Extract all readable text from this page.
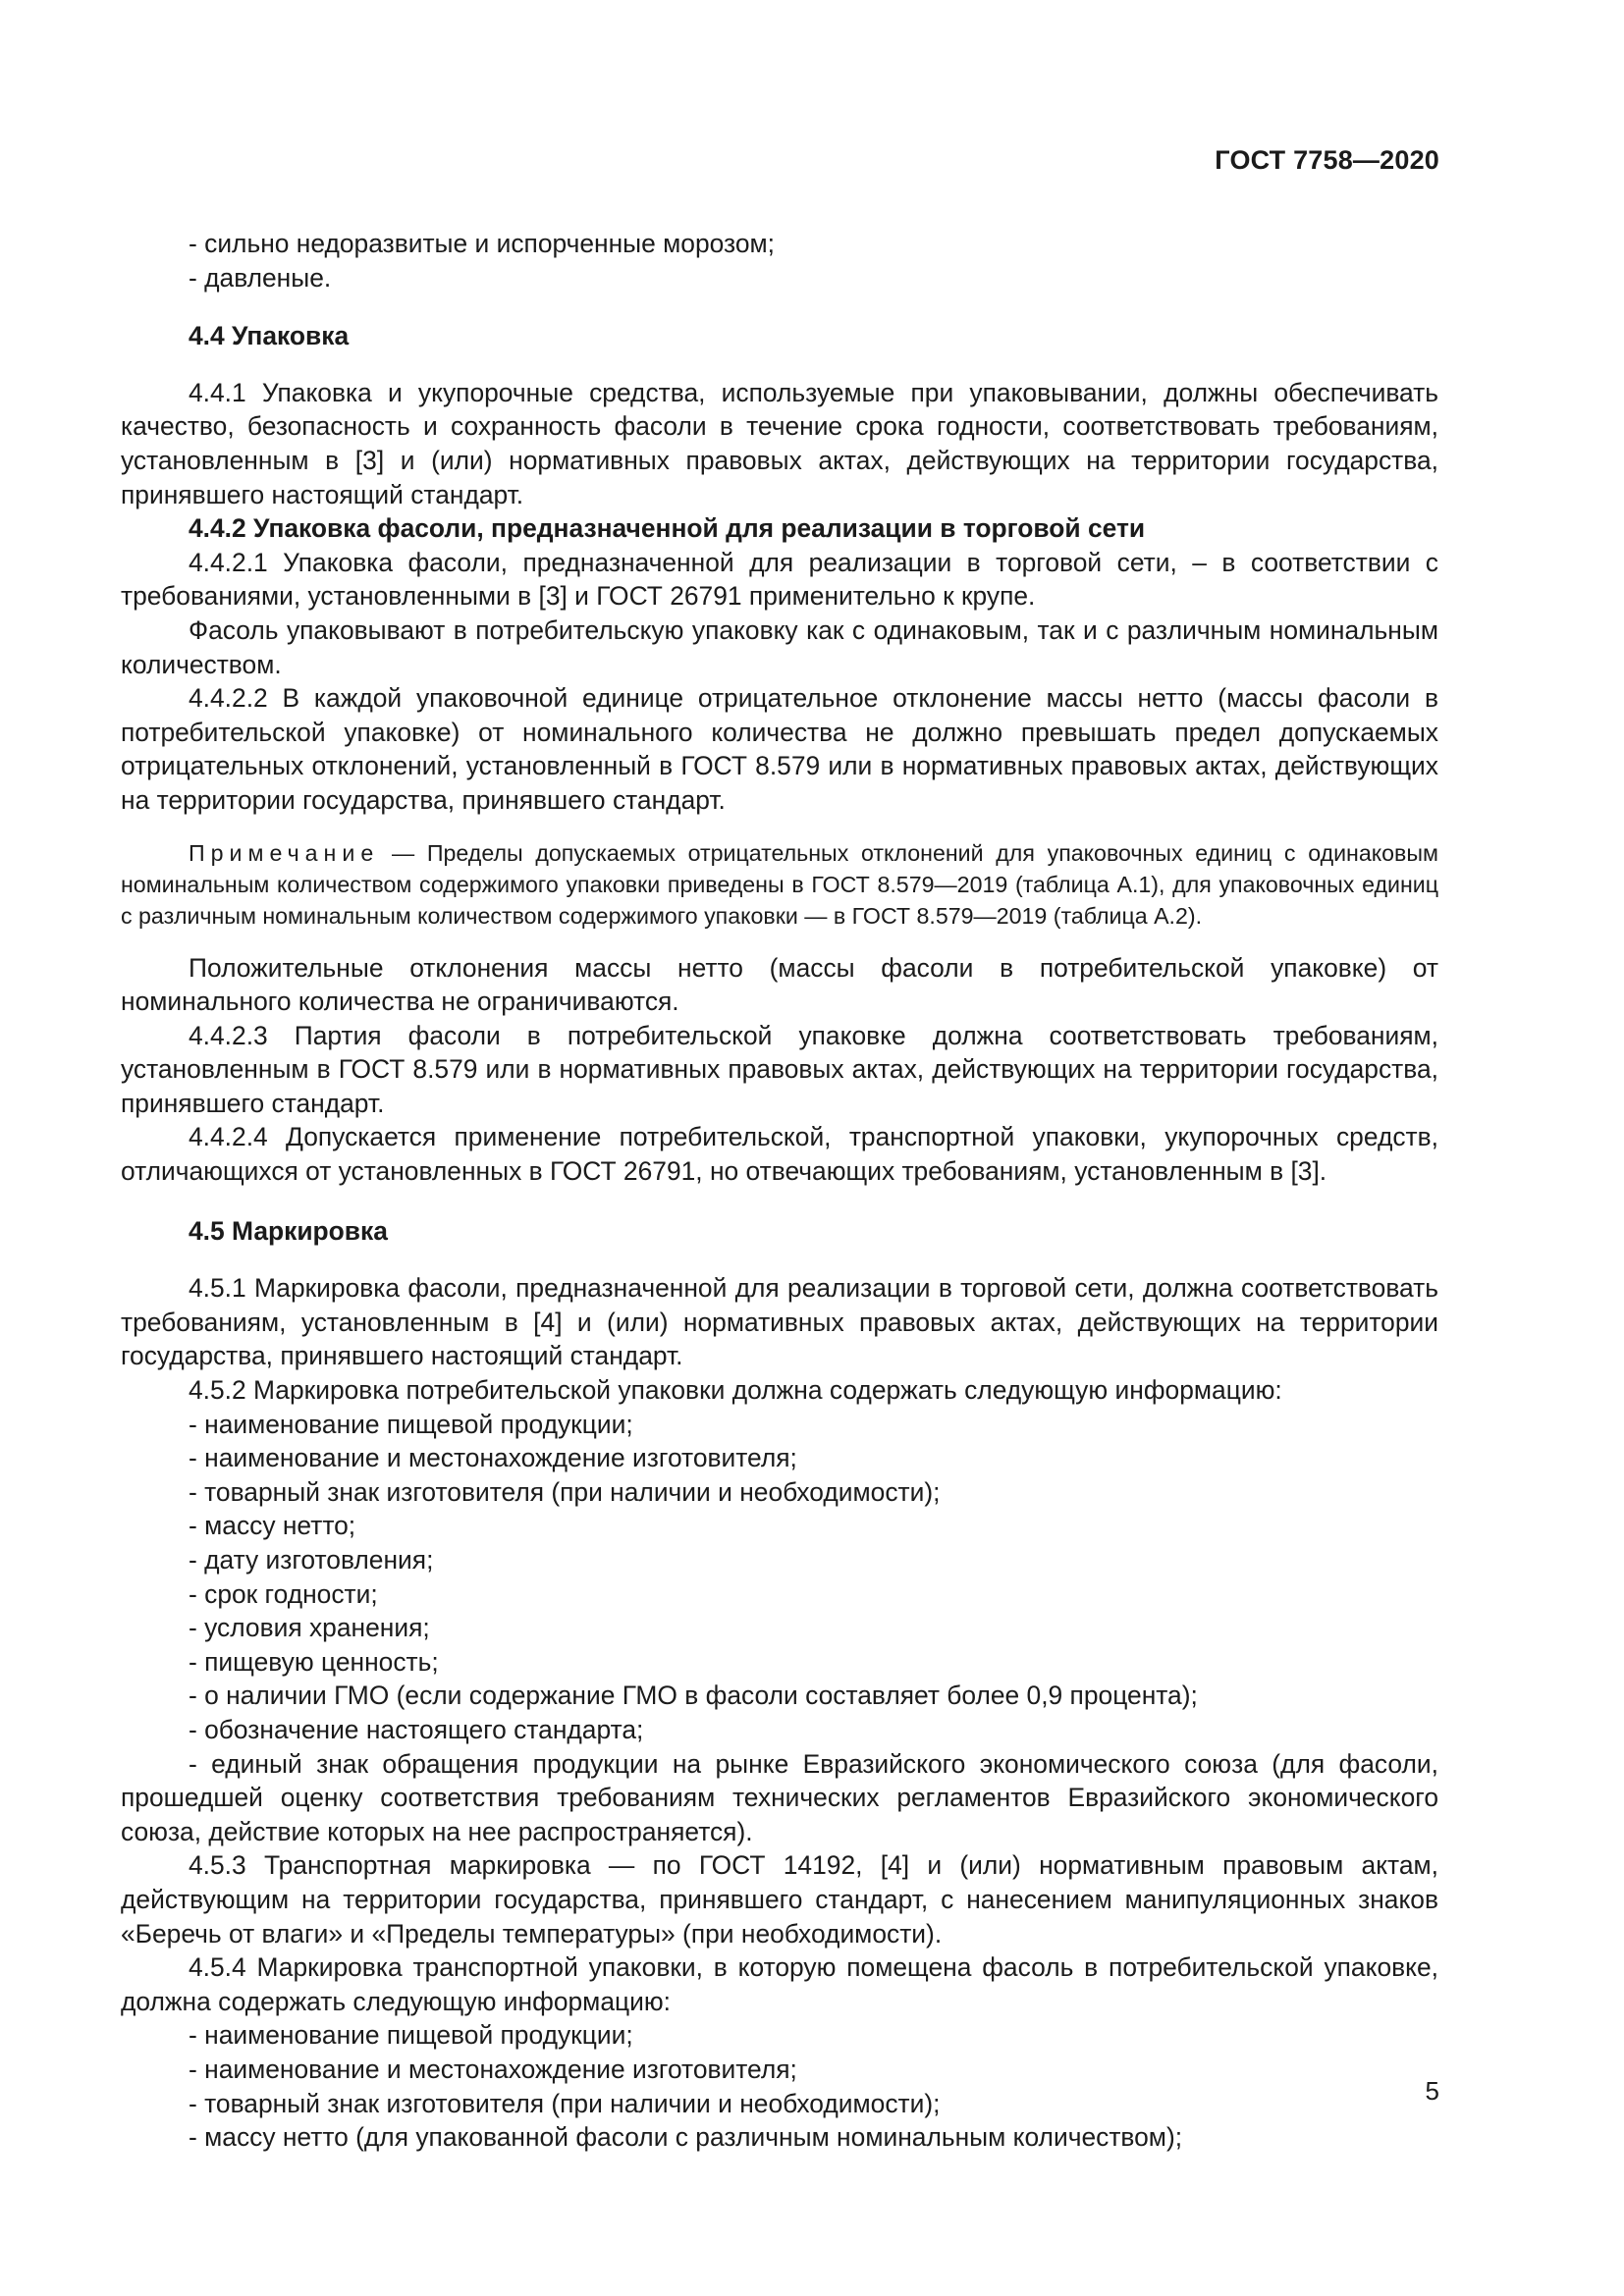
ГОСТ 7758—2020

- сильно недоразвитые и испорченные морозом;

- давленые.

4.4 Упаковка

4.4.1 Упаковка и укупорочные средства, используемые при упаковывании, должны обеспечивать качество, безопасность и сохранность фасоли в течение срока годности, соответствовать требованиям, установленным в [3] и (или) нормативных правовых актах, действующих на территории государства, принявшего настоящий стандарт.

4.4.2 Упаковка фасоли, предназначенной для реализации в торговой сети

4.4.2.1 Упаковка фасоли, предназначенной для реализации в торговой сети, – в соответствии с требованиями, установленными в [3] и ГОСТ 26791 применительно к крупе.

Фасоль упаковывают в потребительскую упаковку как с одинаковым, так и с различным номинальным количеством.

4.4.2.2 В каждой упаковочной единице отрицательное отклонение массы нетто (массы фасоли в потребительской упаковке) от номинального количества не должно превышать предел допускаемых отрицательных отклонений, установленный в ГОСТ 8.579 или в нормативных правовых актах, действующих на территории государства, принявшего стандарт.

Примечание — Пределы допускаемых отрицательных отклонений для упаковочных единиц с одинаковым номинальным количеством содержимого упаковки приведены в ГОСТ 8.579—2019 (таблица А.1), для упаковочных единиц с различным номинальным количеством содержимого упаковки — в ГОСТ 8.579—2019 (таблица А.2).

Положительные отклонения массы нетто (массы фасоли в потребительской упаковке) от номинального количества не ограничиваются.

4.4.2.3 Партия фасоли в потребительской упаковке должна соответствовать требованиям, установленным в ГОСТ 8.579 или в нормативных правовых актах, действующих на территории государства, принявшего стандарт.

4.4.2.4 Допускается применение потребительской, транспортной упаковки, укупорочных средств, отличающихся от установленных в ГОСТ 26791, но отвечающих требованиям, установленным в [3].

4.5 Маркировка

4.5.1 Маркировка фасоли, предназначенной для реализации в торговой сети, должна соответствовать требованиям, установленным в [4] и (или) нормативных правовых актах, действующих на территории государства, принявшего настоящий стандарт.

4.5.2 Маркировка потребительской упаковки должна содержать следующую информацию:

- наименование пищевой продукции;

- наименование и местонахождение изготовителя;

- товарный знак изготовителя (при наличии и необходимости);

- массу нетто;

- дату изготовления;

- срок годности;

- условия хранения;

- пищевую ценность;

- о наличии ГМО (если содержание ГМО в фасоли составляет более 0,9 процента);

- обозначение настоящего стандарта;

- единый знак обращения продукции на рынке Евразийского экономического союза (для фасоли, прошедшей оценку соответствия требованиям технических регламентов Евразийского экономического союза, действие которых на нее распространяется).

4.5.3 Транспортная маркировка — по ГОСТ 14192, [4] и (или) нормативным правовым актам, действующим на территории государства, принявшего стандарт, с нанесением манипуляционных знаков «Беречь от влаги» и «Пределы температуры» (при необходимости).

4.5.4 Маркировка транспортной упаковки, в которую помещена фасоль в потребительской упаковке, должна содержать следующую информацию:

- наименование пищевой продукции;

- наименование и местонахождение изготовителя;

- товарный знак изготовителя (при наличии и необходимости);

- массу нетто (для упакованной фасоли с различным номинальным количеством);

5
